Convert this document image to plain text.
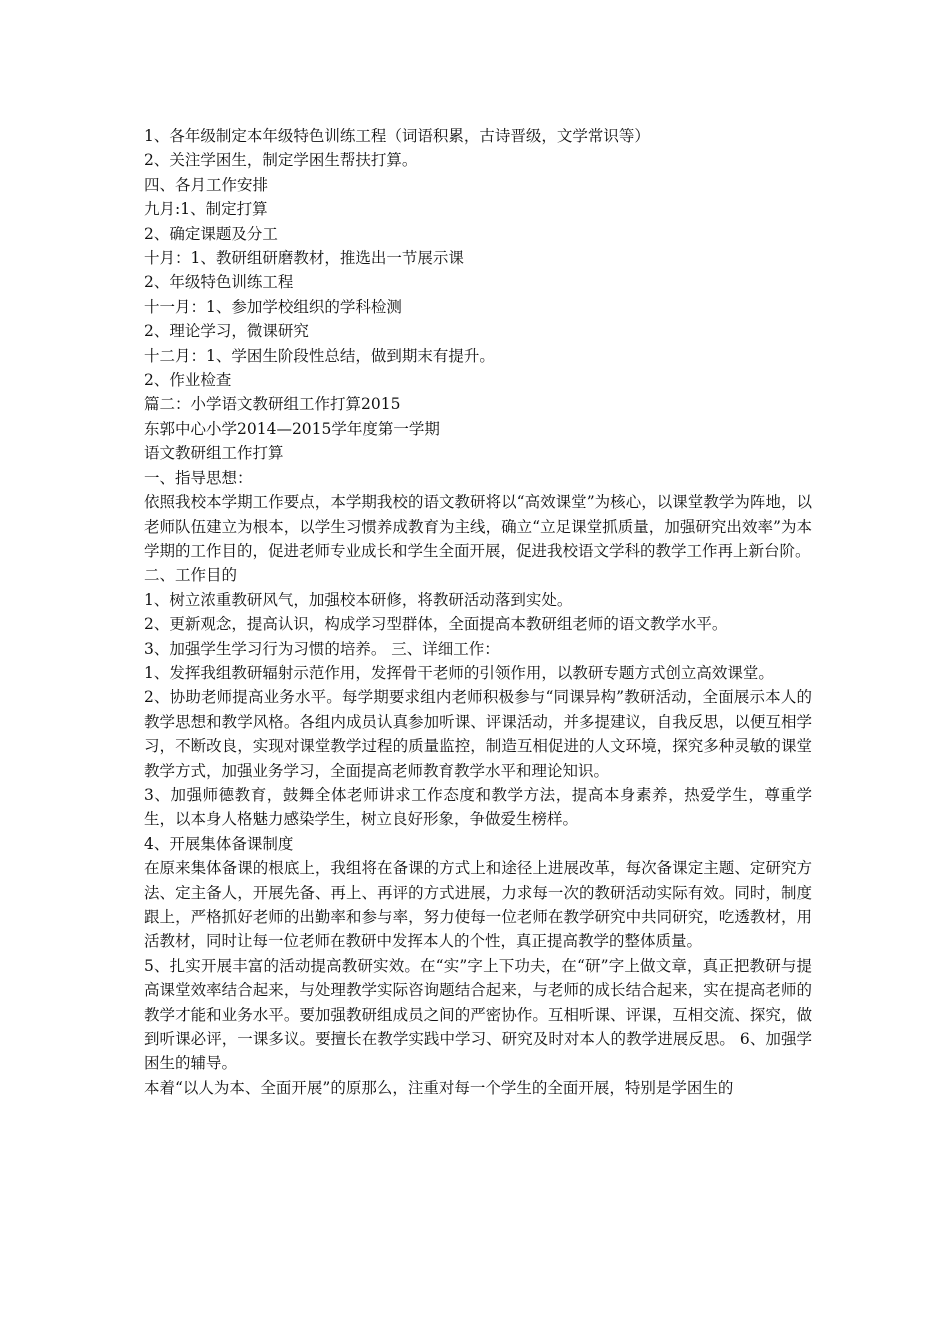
1、各年级制定本年级特色训练工程（词语积累，古诗晋级，文学常识等）

2、关注学困生，制定学困生帮扶打算。

四、各月工作安排

九月:1、制定打算

2、确定课题及分工

十月：1、教研组研磨教材，推选出一节展示课

2、年级特色训练工程

十一月：1、参加学校组织的学科检测

2、理论学习，微课研究

十二月：1、学困生阶段性总结，做到期末有提升。

2、作业检查

篇二：小学语文教研组工作打算2015

东郭中心小学2014—2015学年度第一学期

语文教研组工作打算

一、指导思想：

依照我校本学期工作要点，本学期我校的语文教研将以“高效课堂”为核心，以课堂教学为阵地，以老师队伍建立为根本，以学生习惯养成教育为主线，确立“立足课堂抓质量，加强研究出效率”为本学期的工作目的，促进老师专业成长和学生全面开展，促进我校语文学科的教学工作再上新台阶。

二、工作目的

1、树立浓重教研风气，加强校本研修，将教研活动落到实处。

2、更新观念，提高认识，构成学习型群体，全面提高本教研组老师的语文教学水平。

3、加强学生学习行为习惯的培养。 三、详细工作：

1、发挥我组教研辐射示范作用，发挥骨干老师的引领作用，以教研专题方式创立高效课堂。

2、协助老师提高业务水平。每学期要求组内老师积极参与“同课异构”教研活动，全面展示本人的教学思想和教学风格。各组内成员认真参加听课、评课活动，并多提建议，自我反思，以便互相学习，不断改良，实现对课堂教学过程的质量监控，制造互相促进的人文环境，探究多种灵敏的课堂教学方式，加强业务学习，全面提高老师教育教学水平和理论知识。

3、加强师德教育，鼓舞全体老师讲求工作态度和教学方法，提高本身素养，热爱学生，尊重学生，以本身人格魅力感染学生，树立良好形象，争做爱生榜样。

4、开展集体备课制度

在原来集体备课的根底上，我组将在备课的方式上和途径上进展改革，每次备课定主题、定研究方法、定主备人，开展先备、再上、再评的方式进展，力求每一次的教研活动实际有效。同时，制度跟上，严格抓好老师的出勤率和参与率，努力使每一位老师在教学研究中共同研究，吃透教材，用活教材，同时让每一位老师在教研中发挥本人的个性，真正提高教学的整体质量。

5、扎实开展丰富的活动提高教研实效。在“实”字上下功夫，在“研”字上做文章，真正把教研与提高课堂效率结合起来，与处理教学实际咨询题结合起来，与老师的成长结合起来，实在提高老师的教学才能和业务水平。要加强教研组成员之间的严密协作。互相听课、评课，互相交流、探究，做到听课必评，一课多议。要擅长在教学实践中学习、研究及时对本人的教学进展反思。 6、加强学困生的辅导。

本着“以人为本、全面开展”的原那么，注重对每一个学生的全面开展，特别是学困生的
